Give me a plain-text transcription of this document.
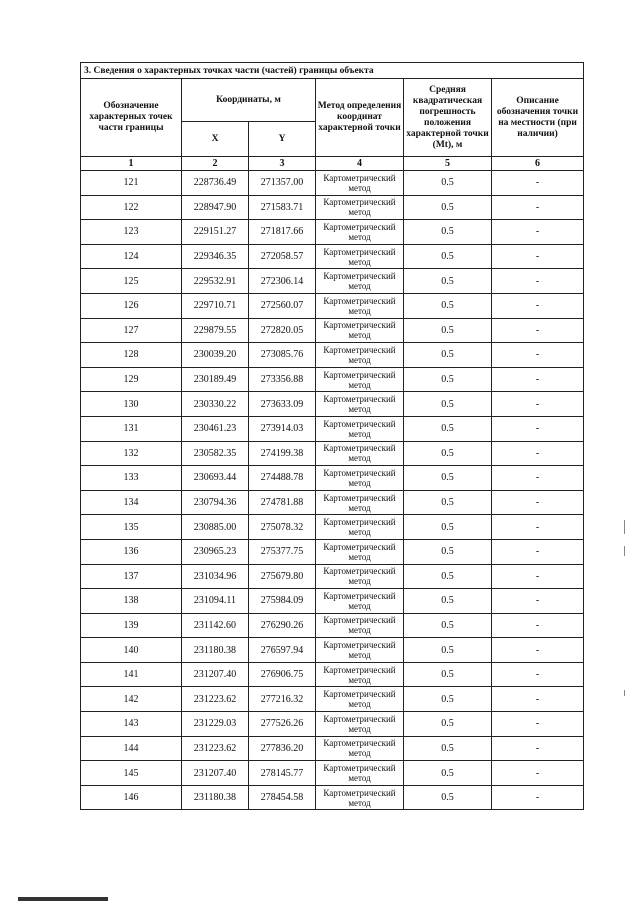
3. Сведения о характерных точках части (частей) границы объекта					
Обозначение характерных точек части границы	Координаты, м		Метод определения координат характерной точки	Средняя квадратическая погрешность положения характерной точки (Mt), м	Описание обозначения точки на местности (при наличии)
	X	Y			
1	2	3	4	5	6
121	228736.49	271357.00	Картометрический метод	0.5	-
122	228947.90	271583.71	Картометрический метод	0.5	-
123	229151.27	271817.66	Картометрический метод	0.5	-
124	229346.35	272058.57	Картометрический метод	0.5	-
125	229532.91	272306.14	Картометрический метод	0.5	-
126	229710.71	272560.07	Картометрический метод	0.5	-
127	229879.55	272820.05	Картометрический метод	0.5	-
128	230039.20	273085.76	Картометрический метод	0.5	-
129	230189.49	273356.88	Картометрический метод	0.5	-
130	230330.22	273633.09	Картометрический метод	0.5	-
131	230461.23	273914.03	Картометрический метод	0.5	-
132	230582.35	274199.38	Картометрический метод	0.5	-
133	230693.44	274488.78	Картометрический метод	0.5	-
134	230794.36	274781.88	Картометрический метод	0.5	-
135	230885.00	275078.32	Картометрический метод	0.5	-
136	230965.23	275377.75	Картометрический метод	0.5	-
137	231034.96	275679.80	Картометрический метод	0.5	-
138	231094.11	275984.09	Картометрический метод	0.5	-
139	231142.60	276290.26	Картометрический метод	0.5	-
140	231180.38	276597.94	Картометрический метод	0.5	-
141	231207.40	276906.75	Картометрический метод	0.5	-
142	231223.62	277216.32	Картометрический метод	0.5	-
143	231229.03	277526.26	Картометрический метод	0.5	-
144	231223.62	277836.20	Картометрический метод	0.5	-
145	231207.40	278145.77	Картометрический метод	0.5	-
146	231180.38	278454.58	Картометрический метод	0.5	-
